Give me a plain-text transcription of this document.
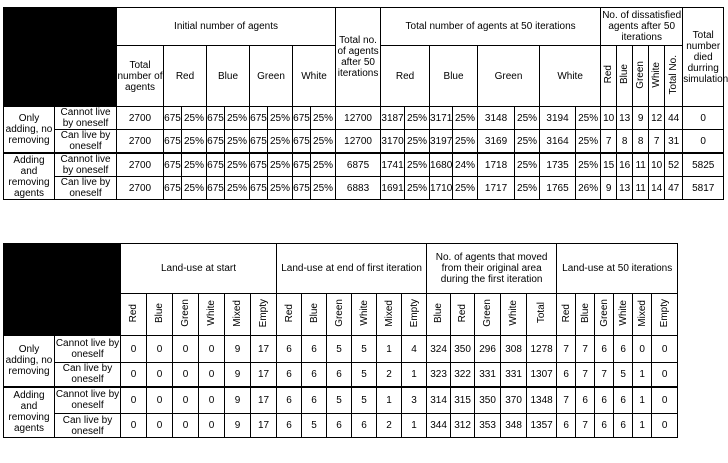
		Initial number of agents									Total no. of agents after 50 iterations	Total number of agents at 50 iterations								No. of dissatisfied agents after 50 iterations					Total number died durring simulation
		Total number of agents	Red		Blue		Green		White			Red		Blue		Green		White		Red	Blue	Green	White	Total No.	
Only adding, no removing	Cannot live by oneself	2700	675	25%	675	25%	675	25%	675	25%	12700	3187	25%	3171	25%	3148	25%	3194	25%	10	13	9	12	44	0
	Can live by oneself	2700	675	25%	675	25%	675	25%	675	25%	12700	3170	25%	3197	25%	3169	25%	3164	25%	7	8	8	7	31	0
Adding and removing agents	Cannot live by oneself	2700	675	25%	675	25%	675	25%	675	25%	6875	1741	25%	1680	24%	1718	25%	1735	25%	15	16	11	10	52	5825
	Can live by oneself	2700	675	25%	675	25%	675	25%	675	25%	6883	1691	25%	1710	25%	1717	25%	1765	26%	9	13	11	14	47	5817
		Land-use at start						Land-use at end of first iteration						No. of agents that moved from their original area during the first iteration					Land-use at 50 iterations					
		Red	Blue	Green	White	Mixed	Empty	Red	Blue	Green	White	Mixed	Empty	Blue	Red	Green	White	Total	Red	Blue	Green	White	Mixed	Empty
Only adding, no removing	Cannot live by oneself	0	0	0	0	9	17	6	6	5	5	1	4	324	350	296	308	1278	7	7	6	6	0	0
	Can live by oneself	0	0	0	0	9	17	6	6	6	5	2	1	323	322	331	331	1307	6	7	7	5	1	0
Adding and removing agents	Cannot live by oneself	0	0	0	0	9	17	6	6	5	5	1	3	314	315	350	370	1348	7	6	6	6	1	0
	Can live by oneself	0	0	0	0	9	17	6	5	6	6	2	1	344	312	353	348	1357	6	7	6	6	1	0
